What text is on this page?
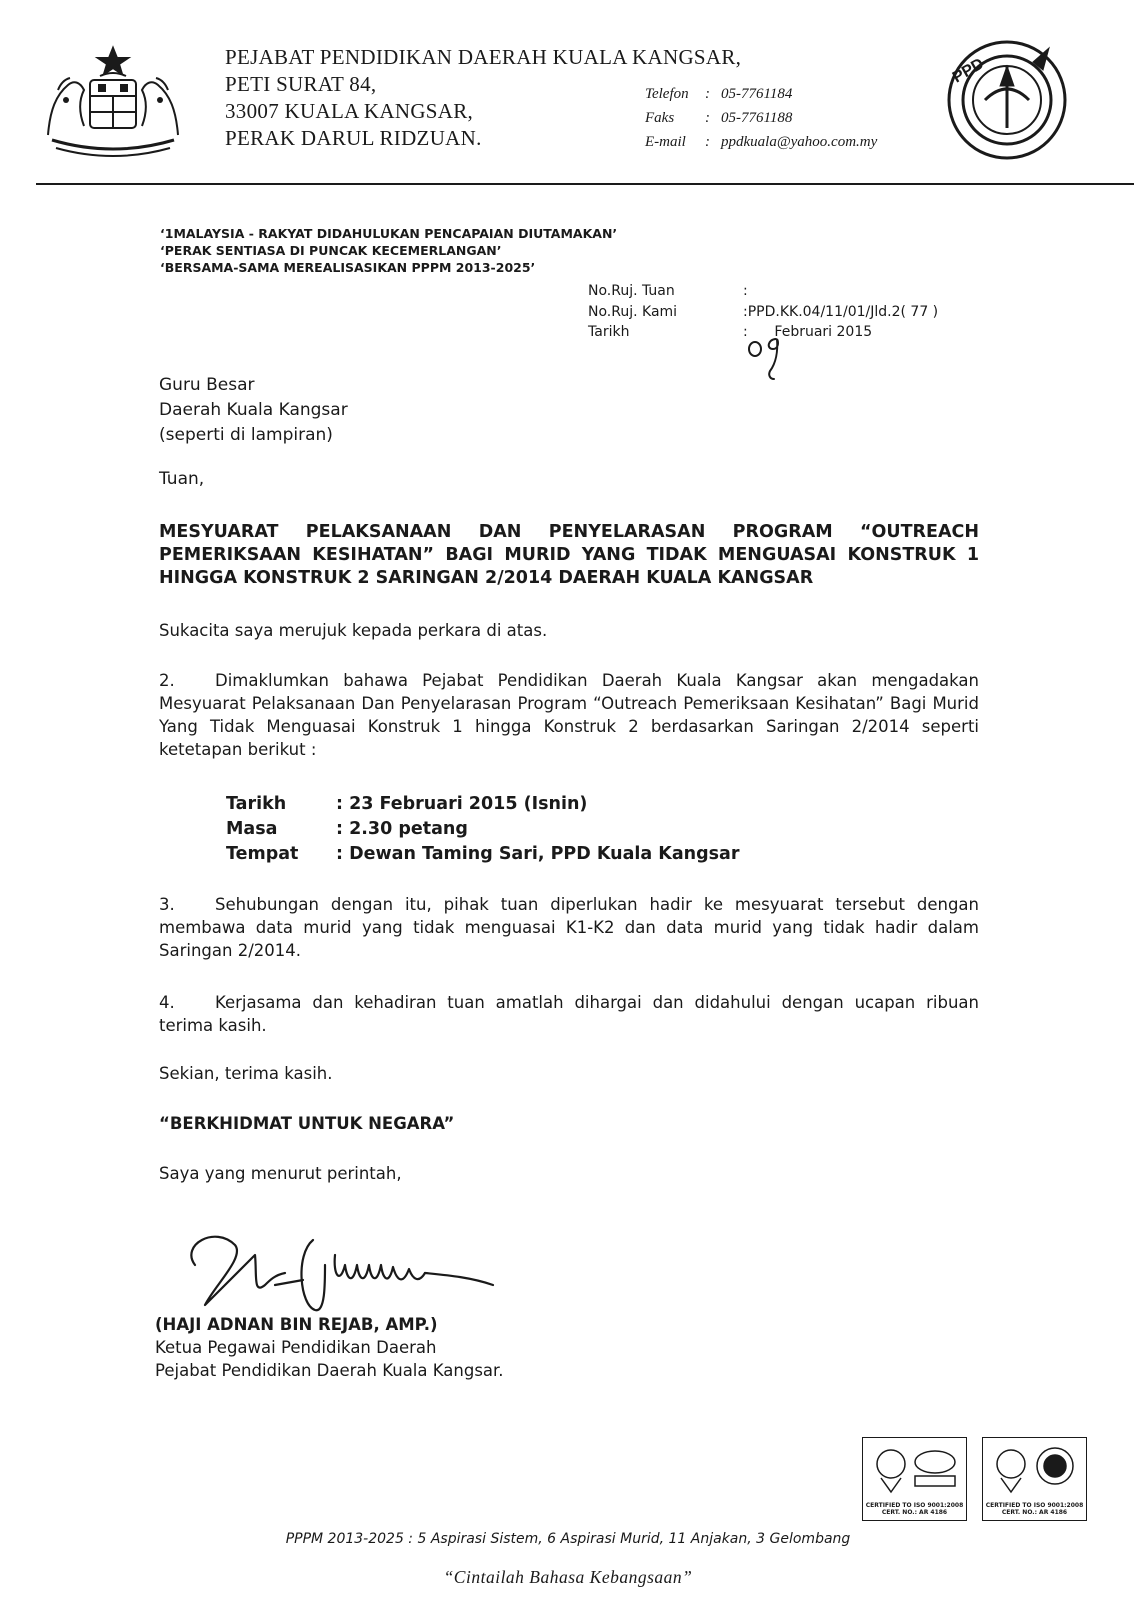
PEJABAT PENDIDIKAN DAERAH KUALA KANGSAR,
PETI SURAT 84,
33007 KUALA KANGSAR,
PERAK DARUL RIDZUAN.
Telefon	: 05-7761184
Faks	: 05-7761188
E-mail	: ppdkuala@yahoo.com.my
PPD
‘1MALAYSIA - RAKYAT DIDAHULUKAN PENCAPAIAN DIUTAMAKAN’
‘PERAK SENTIASA DI PUNCAK KECEMERLANGAN’
‘BERSAMA-SAMA MEREALISASIKAN PPPM 2013-2025’
No.Ruj. Tuan	:
No.Ruj. Kami	:PPD.KK.04/11/01/Jld.2( 77 )
Tarikh	:      Februari 2015
Guru Besar
Daerah Kuala Kangsar
(seperti di lampiran)
Tuan,
MESYUARAT PELAKSANAAN DAN PENYELARASAN PROGRAM “OUTREACH PEMERIKSAAN KESIHATAN” BAGI MURID YANG TIDAK MENGUASAI KONSTRUK 1 HINGGA KONSTRUK 2 SARINGAN 2/2014 DAERAH KUALA KANGSAR
Sukacita saya merujuk kepada perkara di atas.
2. Dimaklumkan bahawa Pejabat Pendidikan Daerah Kuala Kangsar akan mengadakan Mesyuarat Pelaksanaan Dan Penyelarasan Program “Outreach Pemeriksaan Kesihatan” Bagi Murid Yang Tidak Menguasai Konstruk 1 hingga Konstruk 2 berdasarkan Saringan 2/2014 seperti ketetapan berikut :
Tarikh	: 23 Februari 2015 (Isnin)
Masa	: 2.30 petang
Tempat	: Dewan Taming Sari, PPD Kuala Kangsar
3. Sehubungan dengan itu, pihak tuan diperlukan hadir ke mesyuarat tersebut dengan membawa data murid yang tidak menguasai K1-K2 dan data murid yang tidak hadir dalam Saringan 2/2014.
4. Kerjasama dan kehadiran tuan amatlah dihargai dan didahului dengan ucapan ribuan terima kasih.
Sekian, terima kasih.
“BERKHIDMAT UNTUK NEGARA”
Saya yang menurut perintah,
(HAJI ADNAN BIN REJAB, AMP.)
Ketua Pegawai Pendidikan Daerah
Pejabat Pendidikan Daerah Kuala Kangsar.
CERTIFIED TO ISO 9001:2008 CERT. NO.: AR 4186
CERTIFIED TO ISO 9001:2008 CERT. NO.: AR 4186
PPPM 2013-2025 : 5 Aspirasi Sistem, 6 Aspirasi Murid, 11 Anjakan, 3 Gelombang
“Cintailah Bahasa Kebangsaan”
